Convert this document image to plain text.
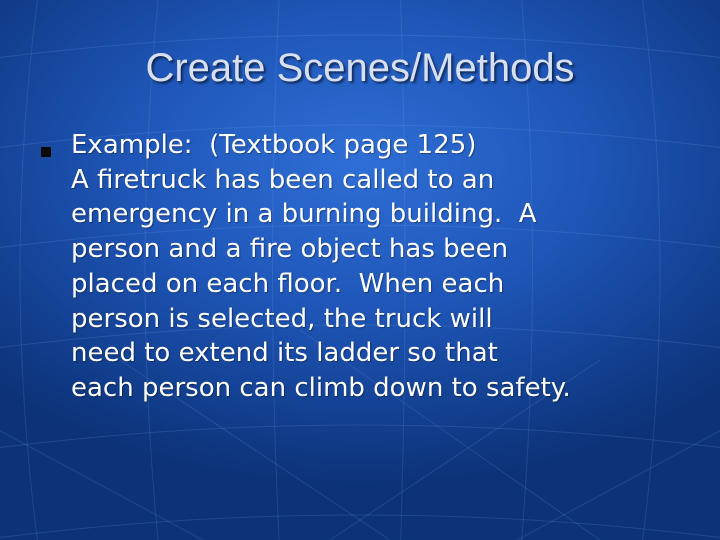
Create Scenes/Methods
Example:  (Textbook page 125)
A firetruck has been called to an
emergency in a burning building.  A
person and a fire object has been
placed on each floor.  When each
person is selected, the truck will
need to extend its ladder so that
each person can climb down to safety.
